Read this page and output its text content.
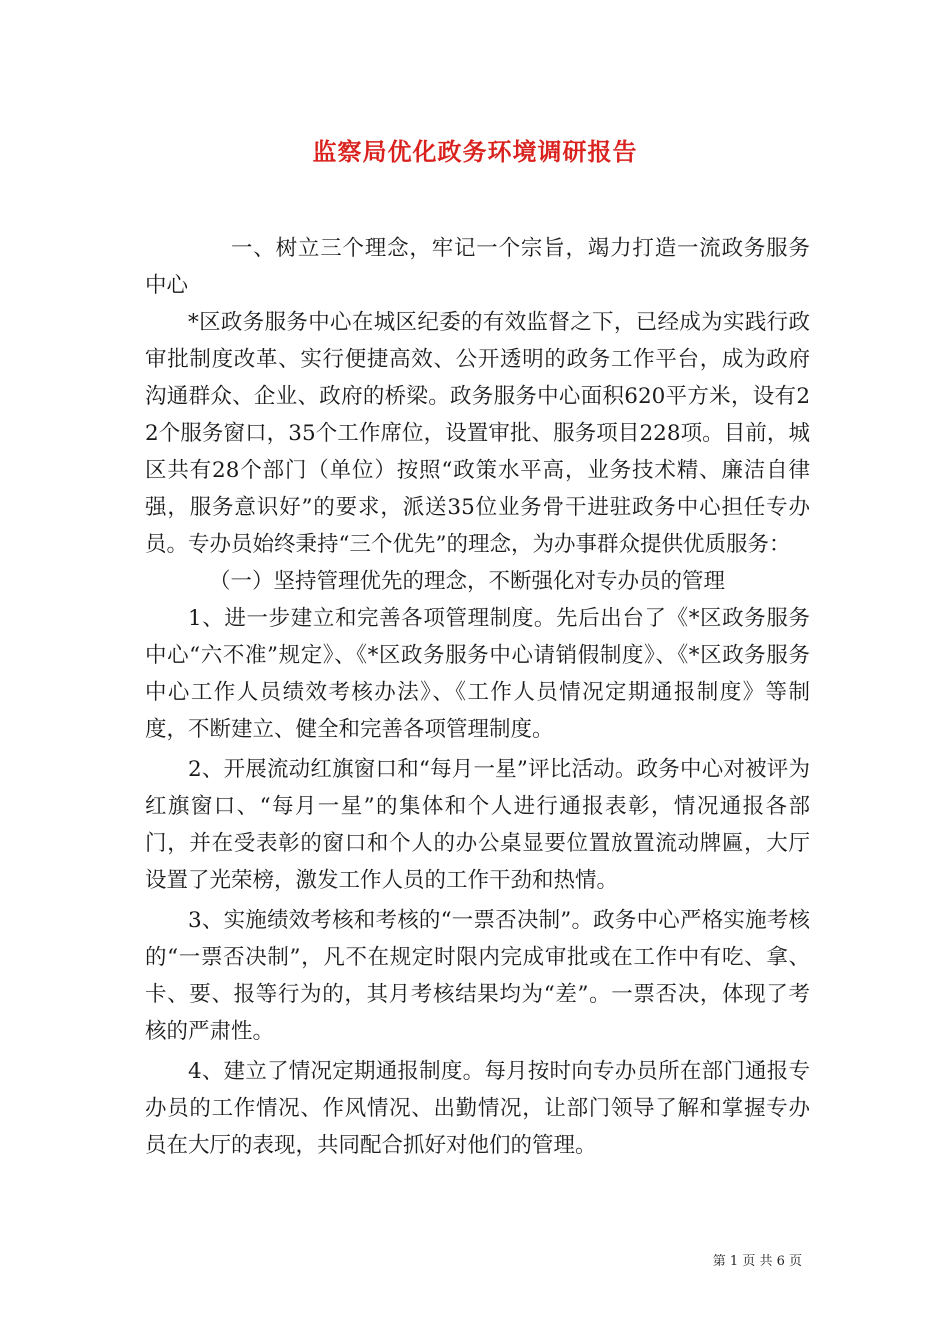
监察局优化政务环境调研报告

一、树立三个理念，牢记一个宗旨，竭力打造一流政务服务中心

*区政务服务中心在城区纪委的有效监督之下，已经成为实践行政审批制度改革、实行便捷高效、公开透明的政务工作平台，成为政府沟通群众、企业、政府的桥梁。政务服务中心面积620平方米，设有22个服务窗口，35个工作席位，设置审批、服务项目228项。目前，城区共有28个部门（单位）按照“政策水平高，业务技术精、廉洁自律强，服务意识好”的要求，派送35位业务骨干进驻政务中心担任专办员。专办员始终秉持“三个优先”的理念，为办事群众提供优质服务：

（一）坚持管理优先的理念，不断强化对专办员的管理

1、进一步建立和完善各项管理制度。先后出台了《*区政务服务中心“六不准”规定》、《*区政务服务中心请销假制度》、《*区政务服务中心工作人员绩效考核办法》、《工作人员情况定期通报制度》等制度，不断建立、健全和完善各项管理制度。

2、开展流动红旗窗口和“每月一星”评比活动。政务中心对被评为红旗窗口、“每月一星”的集体和个人进行通报表彰，情况通报各部门，并在受表彰的窗口和个人的办公桌显要位置放置流动牌匾，大厅设置了光荣榜，激发工作人员的工作干劲和热情。

3、实施绩效考核和考核的“一票否决制”。政务中心严格实施考核的“一票否决制”，凡不在规定时限内完成审批或在工作中有吃、拿、卡、要、报等行为的，其月考核结果均为“差”。一票否决，体现了考核的严肃性。

4、建立了情况定期通报制度。每月按时向专办员所在部门通报专办员的工作情况、作风情况、出勤情况，让部门领导了解和掌握专办员在大厅的表现，共同配合抓好对他们的管理。

第 1 页 共 6 页
